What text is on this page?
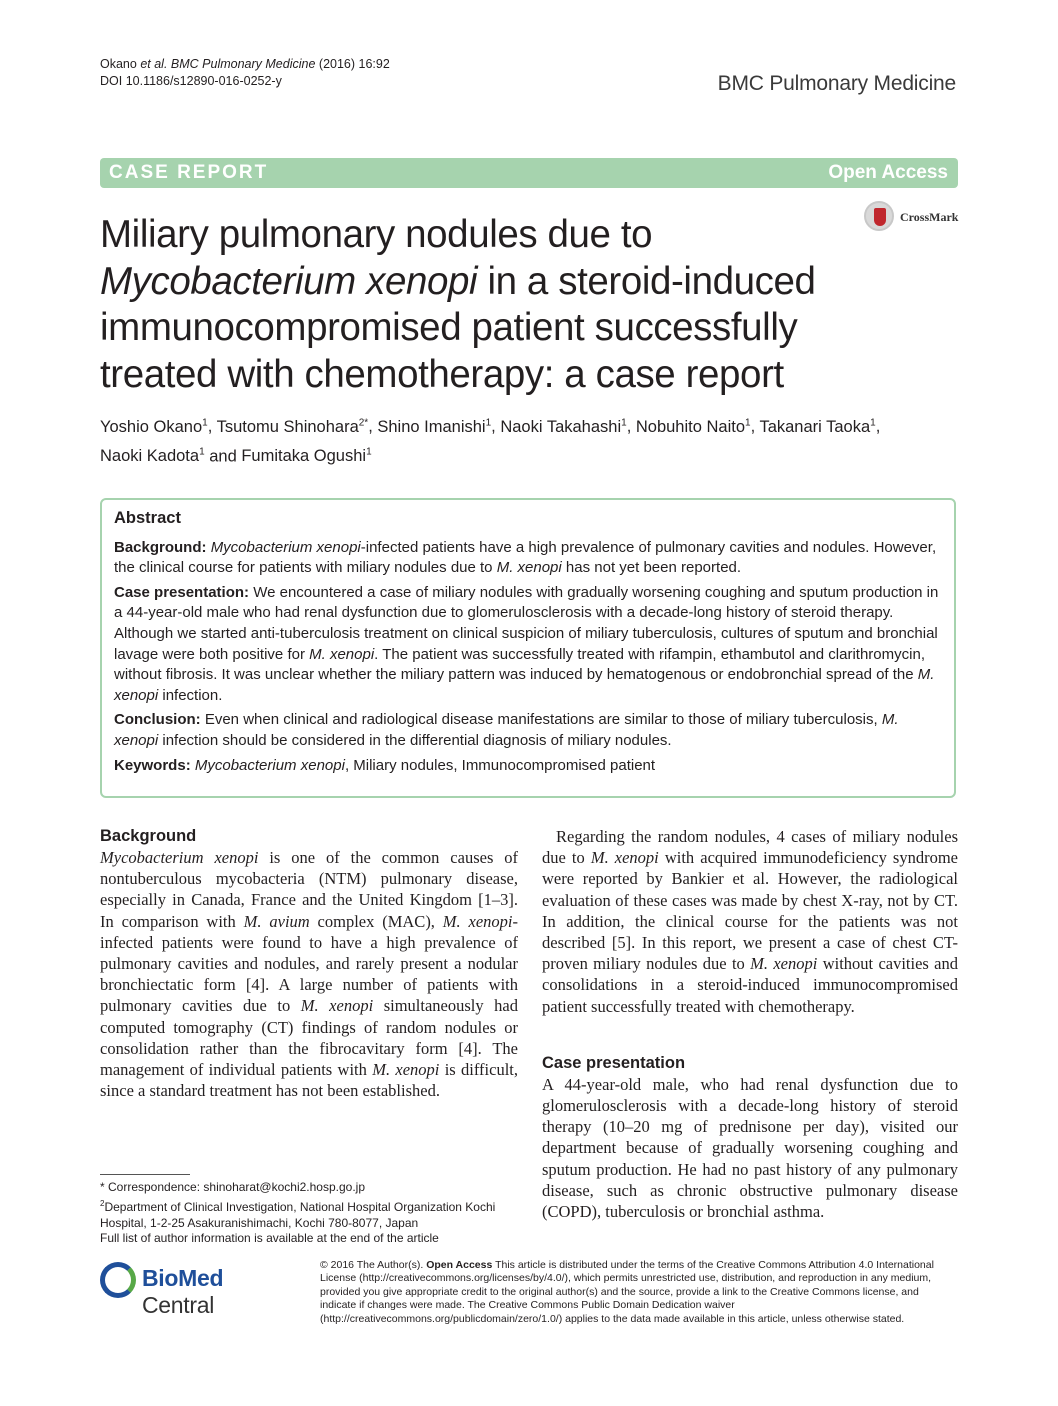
Okano et al. BMC Pulmonary Medicine (2016) 16:92
DOI 10.1186/s12890-016-0252-y	BMC Pulmonary Medicine
CASE REPORT	Open Access
CrossMark
Miliary pulmonary nodules due to
Mycobacterium xenopi in a steroid-induced
immunocompromised patient successfully
treated with chemotherapy: a case report
Yoshio Okano$^1$, Tsutomu Shinohara$^{2*}$, Shino Imanishi$^1$, Naoki Takahashi$^1$, Nobuhito Naito$^1$, Takanari Taoka$^1$,
Naoki Kadota$^1$ and Fumitaka Ogushi$^1$
Abstract

Background: Mycobacterium xenopi-infected patients have a high prevalence of pulmonary cavities and nodules. However, the clinical course for patients with miliary nodules due to M. xenopi has not yet been reported.

Case presentation: We encountered a case of miliary nodules with gradually worsening coughing and sputum production in a 44-year-old male who had renal dysfunction due to glomerulosclerosis with a decade-long history of steroid therapy. Although we started anti-tuberculosis treatment on clinical suspicion of miliary tuberculosis, cultures of sputum and bronchial lavage were both positive for M. xenopi. The patient was successfully treated with rifampin, ethambutol and clarithromycin, without fibrosis. It was unclear whether the miliary pattern was induced by hematogenous or endobronchial spread of the M. xenopi infection.

Conclusion: Even when clinical and radiological disease manifestations are similar to those of miliary tuberculosis, M. xenopi infection should be considered in the differential diagnosis of miliary nodules.

Keywords: Mycobacterium xenopi, Miliary nodules, Immunocompromised patient

Background

Mycobacterium xenopi is one of the common causes of nontuberculous mycobacteria (NTM) pulmonary disease, especially in Canada, France and the United Kingdom [1–3]. In comparison with M. avium complex (MAC), M. xenopi-infected patients were found to have a high prevalence of pulmonary cavities and nodules, and rarely present a nodular bronchiectatic form [4]. A large number of patients with pulmonary cavities due to M. xenopi simultaneously had computed tomography (CT) findings of random nodules or consolidation rather than the fibrocavitary form [4]. The management of individual patients with M. xenopi is difficult, since a standard treatment has not been established.

Regarding the random nodules, 4 cases of miliary nodules due to M. xenopi with acquired immunodeficiency syndrome were reported by Bankier et al. However, the radiological evaluation of these cases was made by chest X-ray, not by CT. In addition, the clinical course for the patients was not described [5]. In this report, we present a case of chest CT-proven miliary nodules due to M. xenopi without cavities and consolidations in a steroid-induced immunocompromised patient successfully treated with chemotherapy.

Case presentation

A 44-year-old male, who had renal dysfunction due to glomerulosclerosis with a decade-long history of steroid therapy (10–20 mg of prednisone per day), visited our department because of gradually worsening coughing and sputum production. He had no past history of any pulmonary disease, such as chronic obstructive pulmonary disease (COPD), tuberculosis or bronchial asthma.

* Correspondence: shinoharat@kochi2.hosp.go.jp
$^2$Department of Clinical Investigation, National Hospital Organization Kochi Hospital, 1-2-25 Asakuranishimachi, Kochi 780-8077, Japan
Full list of author information is available at the end of the article
BioMed Central
© 2016 The Author(s). Open Access This article is distributed under the terms of the Creative Commons Attribution 4.0 International License (http://creativecommons.org/licenses/by/4.0/), which permits unrestricted use, distribution, and reproduction in any medium, provided you give appropriate credit to the original author(s) and the source, provide a link to the Creative Commons license, and indicate if changes were made. The Creative Commons Public Domain Dedication waiver (http://creativecommons.org/publicdomain/zero/1.0/) applies to the data made available in this article, unless otherwise stated.
